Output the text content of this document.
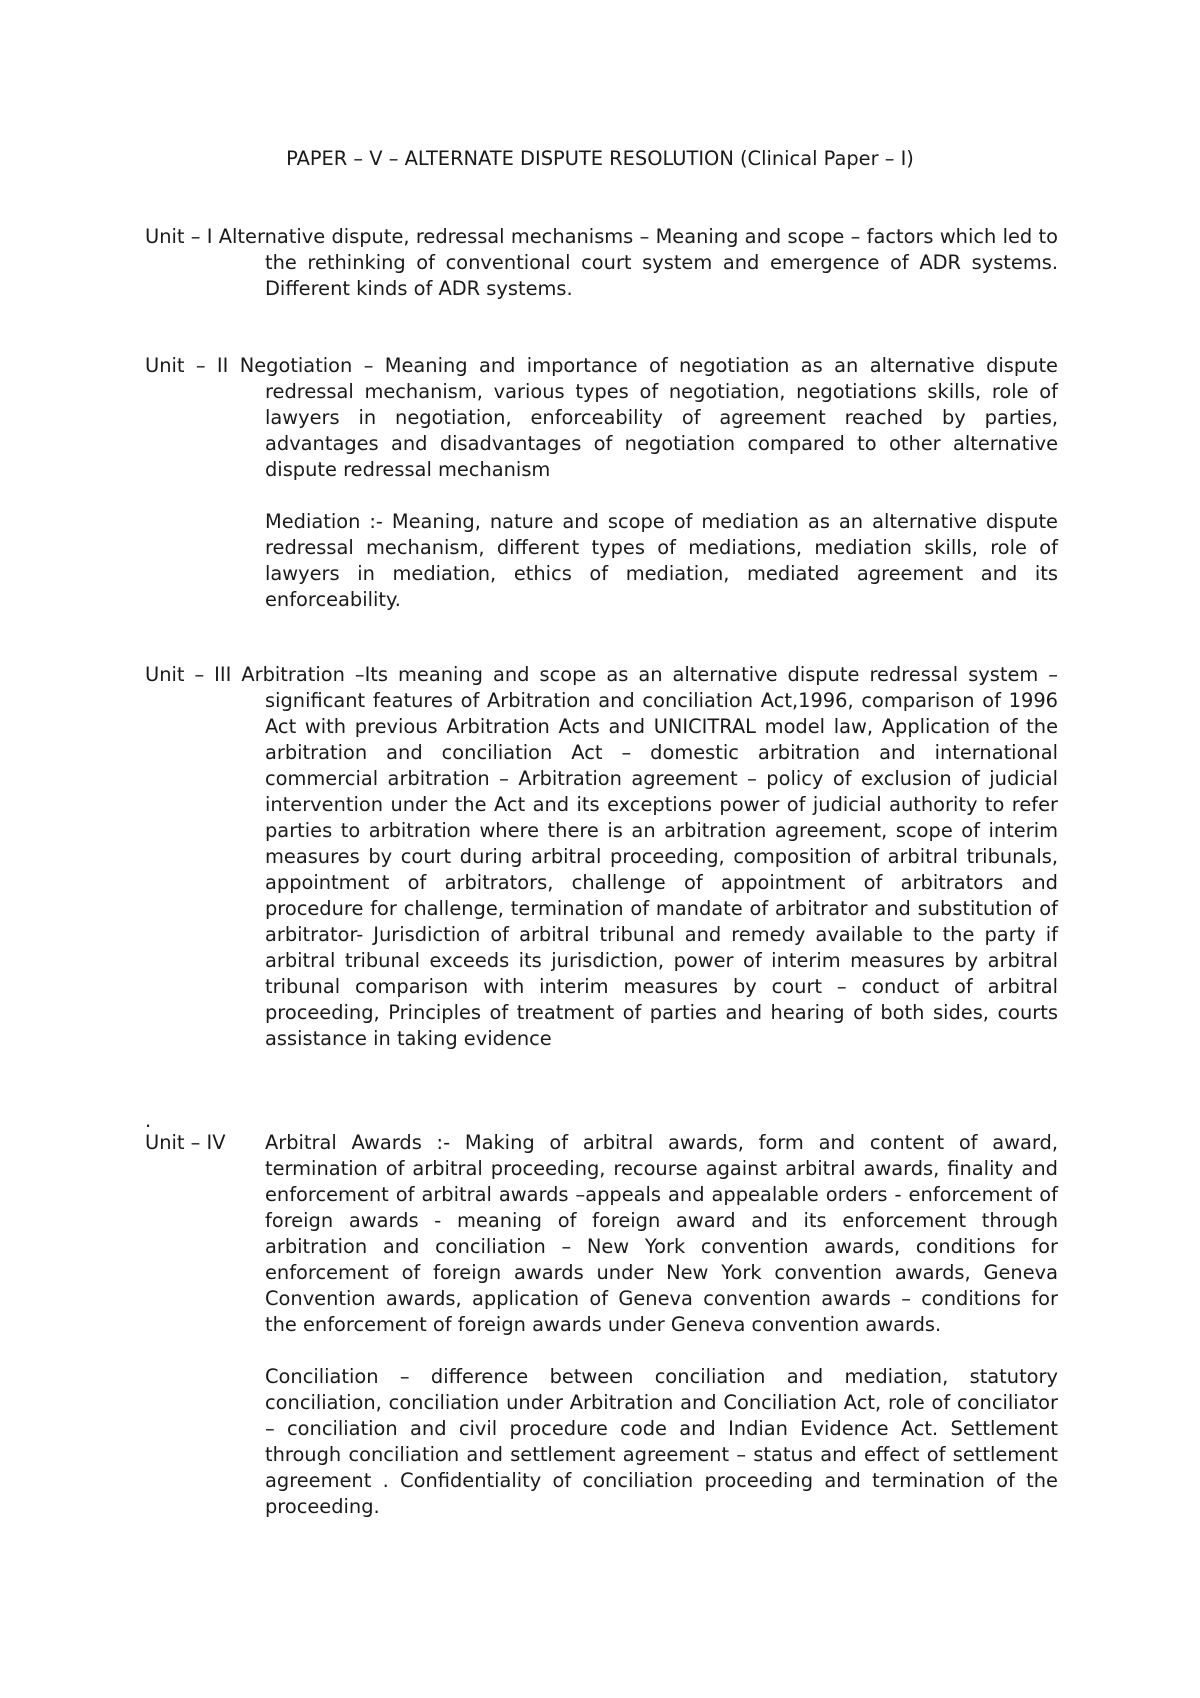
PAPER – V – ALTERNATE DISPUTE RESOLUTION (Clinical Paper – I)

Unit – I Alternative dispute, redressal mechanisms – Meaning and scope – factors which led to the rethinking of conventional court system and emergence of ADR systems. Different kinds of ADR systems.

Unit – II Negotiation – Meaning and importance of negotiation as an alternative dispute redressal mechanism, various types of negotiation, negotiations skills, role of lawyers in negotiation, enforceability of agreement reached by parties, advantages and disadvantages of negotiation compared to other alternative dispute redressal mechanism

Mediation :- Meaning, nature and scope of mediation as an alternative dispute redressal mechanism, different types of mediations, mediation skills, role of lawyers in mediation, ethics of mediation, mediated agreement and its enforceability.

Unit – III Arbitration –Its meaning and scope as an alternative dispute redressal system – significant features of Arbitration and conciliation Act,1996, comparison of 1996 Act with previous Arbitration Acts and UNICITRAL model law, Application of the arbitration and conciliation Act – domestic arbitration and international commercial arbitration – Arbitration agreement – policy of exclusion of judicial intervention under the Act and its exceptions power of judicial authority to refer parties to arbitration where there is an arbitration agreement, scope of interim measures by court during arbitral proceeding, composition of arbitral tribunals, appointment of arbitrators, challenge of appointment of arbitrators and procedure for challenge, termination of mandate of arbitrator and substitution of arbitrator- Jurisdiction of arbitral tribunal and remedy available to the party if arbitral tribunal exceeds its jurisdiction, power of interim measures by arbitral tribunal comparison with interim measures by court – conduct of arbitral proceeding, Principles of treatment of parties and hearing of both sides, courts assistance in taking evidence

.
Unit – IV Arbitral Awards :- Making of arbitral awards, form and content of award, termination of arbitral proceeding, recourse against arbitral awards, finality and enforcement of arbitral awards –appeals and appealable orders - enforcement of foreign awards - meaning of foreign award and its enforcement through arbitration and conciliation – New York convention awards, conditions for enforcement of foreign awards under New York convention awards, Geneva Convention awards, application of Geneva convention awards – conditions for the enforcement of foreign awards under Geneva convention awards.

Conciliation – difference between conciliation and mediation, statutory conciliation, conciliation under Arbitration and Conciliation Act, role of conciliator – conciliation and civil procedure code and Indian Evidence Act. Settlement through conciliation and settlement agreement – status and effect of settlement agreement . Confidentiality of conciliation proceeding and termination of the proceeding.
